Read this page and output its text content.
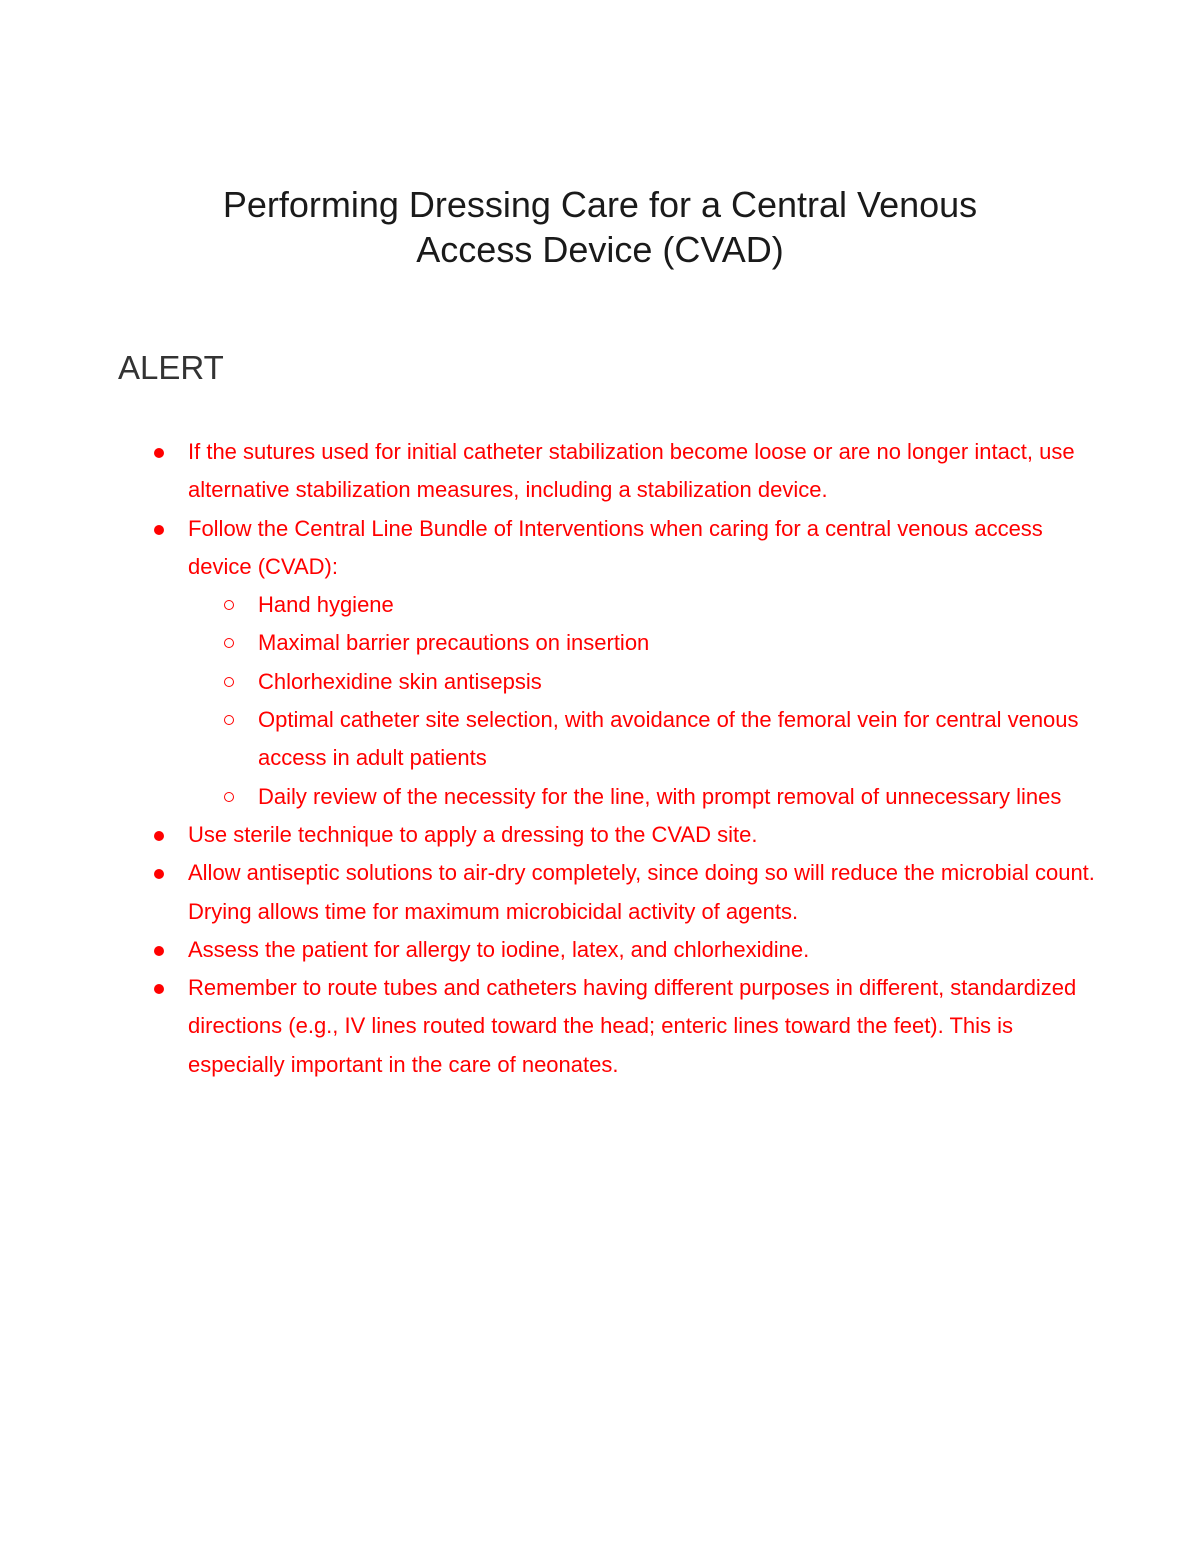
Performing Dressing Care for a Central Venous
Access Device (CVAD)
ALERT
If the sutures used for initial catheter stabilization become loose or are no longer intact, use alternative stabilization measures, including a stabilization device.
Follow the Central Line Bundle of Interventions when caring for a central venous access device (CVAD):
Hand hygiene
Maximal barrier precautions on insertion
Chlorhexidine skin antisepsis
Optimal catheter site selection, with avoidance of the femoral vein for central venous access in adult patients
Daily review of the necessity for the line, with prompt removal of unnecessary lines
Use sterile technique to apply a dressing to the CVAD site.
Allow antiseptic solutions to air-dry completely, since doing so will reduce the microbial count. Drying allows time for maximum microbicidal activity of agents.
Assess the patient for allergy to iodine, latex, and chlorhexidine.
Remember to route tubes and catheters having different purposes in different, standardized directions (e.g., IV lines routed toward the head; enteric lines toward the feet). This is especially important in the care of neonates.
